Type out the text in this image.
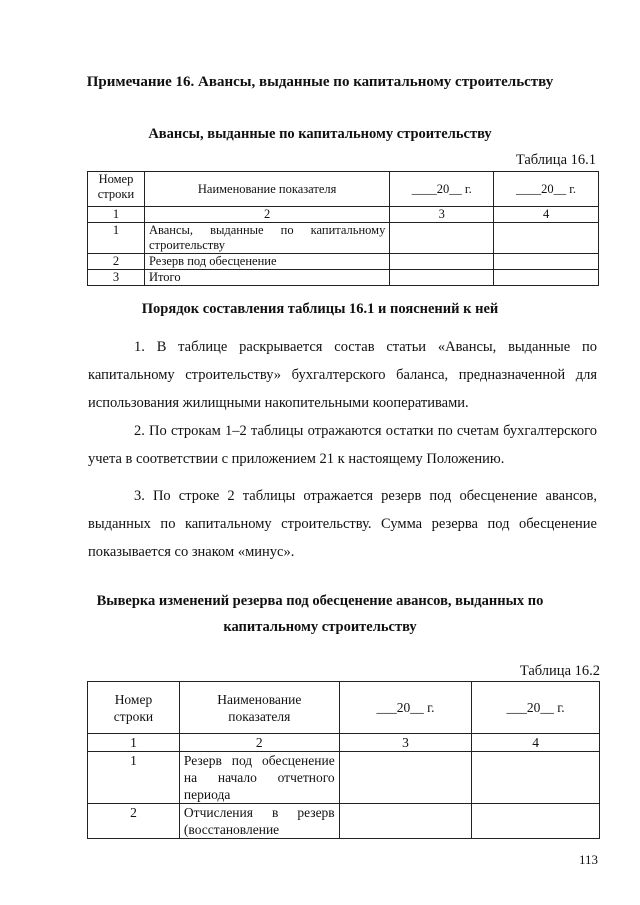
Примечание 16. Авансы, выданные по капитальному строительству
Авансы, выданные по капитальному строительству
Таблица 16.1
Номер строки	Наименование показателя	____20__ г.	____20__ г.
1	2	3	4
1	Авансы, выданные по капитальному строительству		
2	Резерв под обесценение		
3	Итого		
Порядок составления таблицы 16.1 и пояснений к ней
1. В таблице раскрывается состав статьи «Авансы, выданные по капитальному строительству» бухгалтерского баланса, предназначенной для использования жилищными накопительными кооперативами.
2. По строкам 1–2 таблицы отражаются остатки по счетам бухгалтерского учета в соответствии с приложением 21 к настоящему Положению.
3. По строке 2 таблицы отражается резерв под обесценение авансов, выданных по капитальному строительству. Сумма резерва под обесценение показывается со знаком «минус».
Выверка изменений резерва под обесценение авансов, выданных по
капитальному строительству
Таблица 16.2
Номер строки	Наименование показателя	___20__ г.	___20__ г.
1	2	3	4
1	Резерв под обесценение на начало отчетного периода		
2	Отчисления в резерв (восстановление		
113
